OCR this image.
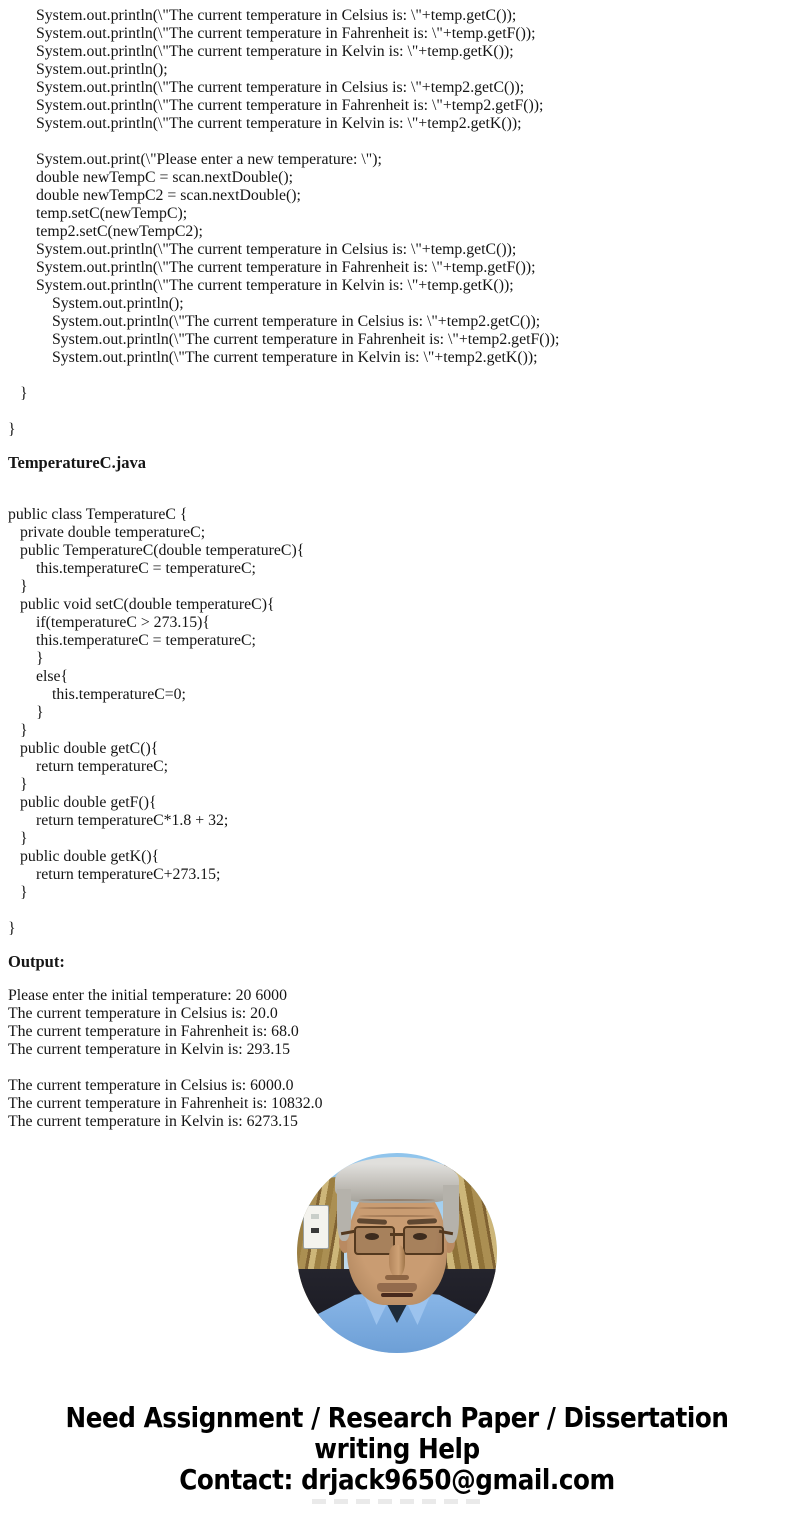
System.out.println(\"The current temperature in Celsius is: \"+temp.getC());
System.out.println(\"The current temperature in Fahrenheit is: \"+temp.getF());
System.out.println(\"The current temperature in Kelvin is: \"+temp.getK());
System.out.println();
System.out.println(\"The current temperature in Celsius is: \"+temp2.getC());
System.out.println(\"The current temperature in Fahrenheit is: \"+temp2.getF());
System.out.println(\"The current temperature in Kelvin is: \"+temp2.getK());

System.out.print(\"Please enter a new temperature: \");
double newTempC = scan.nextDouble();
double newTempC2 = scan.nextDouble();
temp.setC(newTempC);
temp2.setC(newTempC2);
System.out.println(\"The current temperature in Celsius is: \"+temp.getC());
System.out.println(\"The current temperature in Fahrenheit is: \"+temp.getF());
System.out.println(\"The current temperature in Kelvin is: \"+temp.getK());
System.out.println();
System.out.println(\"The current temperature in Celsius is: \"+temp2.getC());
System.out.println(\"The current temperature in Fahrenheit is: \"+temp2.getF());
System.out.println(\"The current temperature in Kelvin is: \"+temp2.getK());

}

}
TemperatureC.java
public class TemperatureC {
private double temperatureC;
public TemperatureC(double temperatureC){
this.temperatureC = temperatureC;
}
public void setC(double temperatureC){
if(temperatureC > 273.15){
this.temperatureC = temperatureC;
}
else{
this.temperatureC=0;
}
}
public double getC(){
return temperatureC;
}
public double getF(){
return temperatureC*1.8 + 32;
}
public double getK(){
return temperatureC+273.15;
}

}
Output:
Please enter the initial temperature: 20 6000
The current temperature in Celsius is: 20.0
The current temperature in Fahrenheit is: 68.0
The current temperature in Kelvin is: 293.15

The current temperature in Celsius is: 6000.0
The current temperature in Fahrenheit is: 10832.0
The current temperature in Kelvin is: 6273.15
Need Assignment / Research Paper / Dissertation
writing Help
Contact: drjack9650@gmail.com
